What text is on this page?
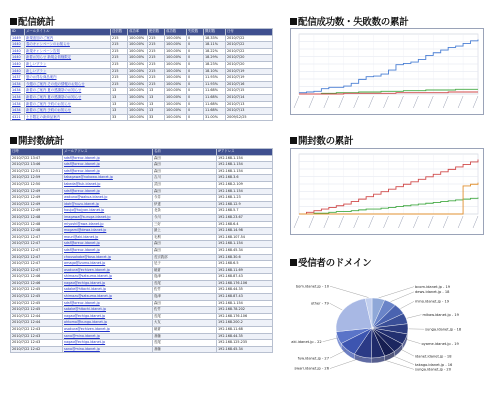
配信統計
開封数統計
配信成功数・失敗数の累計
開封数の累計
受信者のドメイン
ID	メールタイトル	送信数	成功率	配信数	成功数	失敗数	開封数	日付
1449	新規追加のご案内	215	100.00%	215	100.00%	0	18.33%	2010/7/22
1440	春のキャンペーンのお知らせ	215	100.00%	215	100.00%	0	18.11%	2010/7/22
1440	新規キャンペーン告知	215	100.00%	215	100.00%	0	18.22%	2010/7/22
1440	新着お知らせ 新規会員様限定	215	100.00%	215	100.00%	0	18.29%	2010/7/20
1440	新しいプラン	215	100.00%	215	100.00%	0	18.23%	2010/7/20
1440	新しいプラン	215	100.00%	215	100.00%	0	18.10%	2010/7/19
1437	夏のお得な商品案内	215	100.00%	215	100.00%	0	11.93%	2010/7/19
1434	今週のご案内 その他の情報のお知らせ	215	100.00%	215	100.00%	0	11.93%	2010/7/16
1434	新着のご案内 夏の感謝祭のお知らせ	13	100.00%	13	100.00%	0	11.68%	2010/7/15
1434	新着のご案内 夏の感謝祭のお知らせ	13	100.00%	13	100.00%	0	11.68%	2010/7/14
1434	新着のご案内 予約のお知らせ	13	100.00%	13	100.00%	0	11.68%	2010/7/13
1434	新着のご案内 予約のお知らせ	13	100.00%	13	100.00%	0	11.68%	2010/7/13
4321	土日限定の新商品案内	33	100.00%	33	100.00%	0	31.00%	2009/12/25
日時	メールアドレス	名前	IPアドレス
2010/7/22 13:47	sdsf@oreuc.idanet.jp	森田	192.168.1.154
2010/7/22 13:46	sdsf@oreuc.idanet.jp	森田	192.168.1.154
2010/7/22 12:51	sdsf@oreuc.idanet.jp	森田	192.168.1.154
2010/7/22 12:59	takagawa@nakawa.idanet.jp	吉川	192.168.3.6
2010/7/22 12:50	takeda@tuk.idanet.jp	武田	192.168.2.109
2010/7/22 12:49	sdsf@oreuc.idanet.jp	森田	192.168.1.154
2010/7/22 12:49	wakuna@wakua.idanet.jp	今井	192.168.1.23
2010/7/22 12:49	idoh@nuzu.idanet.jp	伊達	192.168.12.9
2010/7/22 12:49	houjo@hojyan.idanet.jp	北条	192.168.5.7
2010/7/22 12:48	imagawa@suruga.idanet.jp	今川	192.168.23.67
2010/7/22 12:48	miyoshi@awa.idanet.jp	三好	192.168.6.4
2010/7/22 12:48	mogami@dewa.idanet.jp	最上	192.168.14.98
2010/7/22 12:47	mouri@aki.idanet.jp	毛利	192.168.107.54
2010/7/22 12:47	sdsf@oreuc.idanet.jp	森田	192.168.1.154
2010/7/22 12:47	sdsf@oreuc.idanet.jp	森田	192.168.45.34
2010/7/22 12:47	chousokabe@tosa.idanet.jp	長宗我部	192.168.30.6
2010/7/22 12:47	amago@izumo.idanet.jp	尼子	192.168.6.5
2010/7/22 12:47	asakura@echizen.idanet.jp	朝倉	192.168.11.69
2010/7/22 12:46	shimazu@satsuma.idanet.jp	島津	192.168.87.43
2010/7/22 12:46	nagao@echigo.idanet.jp	長尾	192.168.176.106
2010/7/22 12:45	satake@hitachi.idanet.jp	佐竹	192.168.44.35
2010/7/22 12:45	shimazu@satsuma.idanet.jp	島津	192.168.87.43
2010/7/22 12:45	sdsf@oreuc.idanet.jp	森田	192.168.1.154
2010/7/22 12:45	satake@hitachi.idanet.jp	佐竹	192.168.78.202
2010/7/22 12:44	nagao@echigo.idanet.jp	長尾	192.168.176.106
2010/7/22 12:44	ohtomo@bungo.idanet.jp	大友	192.168.200.2
2010/7/22 12:43	asakura@echizen.idanet.jp	朝倉	192.168.11.68
2010/7/22 12:43	sano@mino.idanet.jp	斎藤	192.168.44.35
2010/7/22 12:43	nagao@echigo.idanet.jp	長尾	192.168.125.235
2010/7/22 12:42	sano@mino.idanet.jp	斎藤	192.168.45.34
bcom.idanet.jp - 19
dews.idanet.jp - 18
mino.idanet.jp - 19
mikaw.idanet.jp - 19
sunga.idanet.jp - 18
oyame.idanet.jp - 19
idanet.idanet.jp - 18
takago.idanet.jp - 16
sunga.idanet.jp - 20
swari.idanet.jp - 26
fuw.idanet.jp - 27
aki.idanet.jp - 22
other - 79
bom.idanet.jp - 10
